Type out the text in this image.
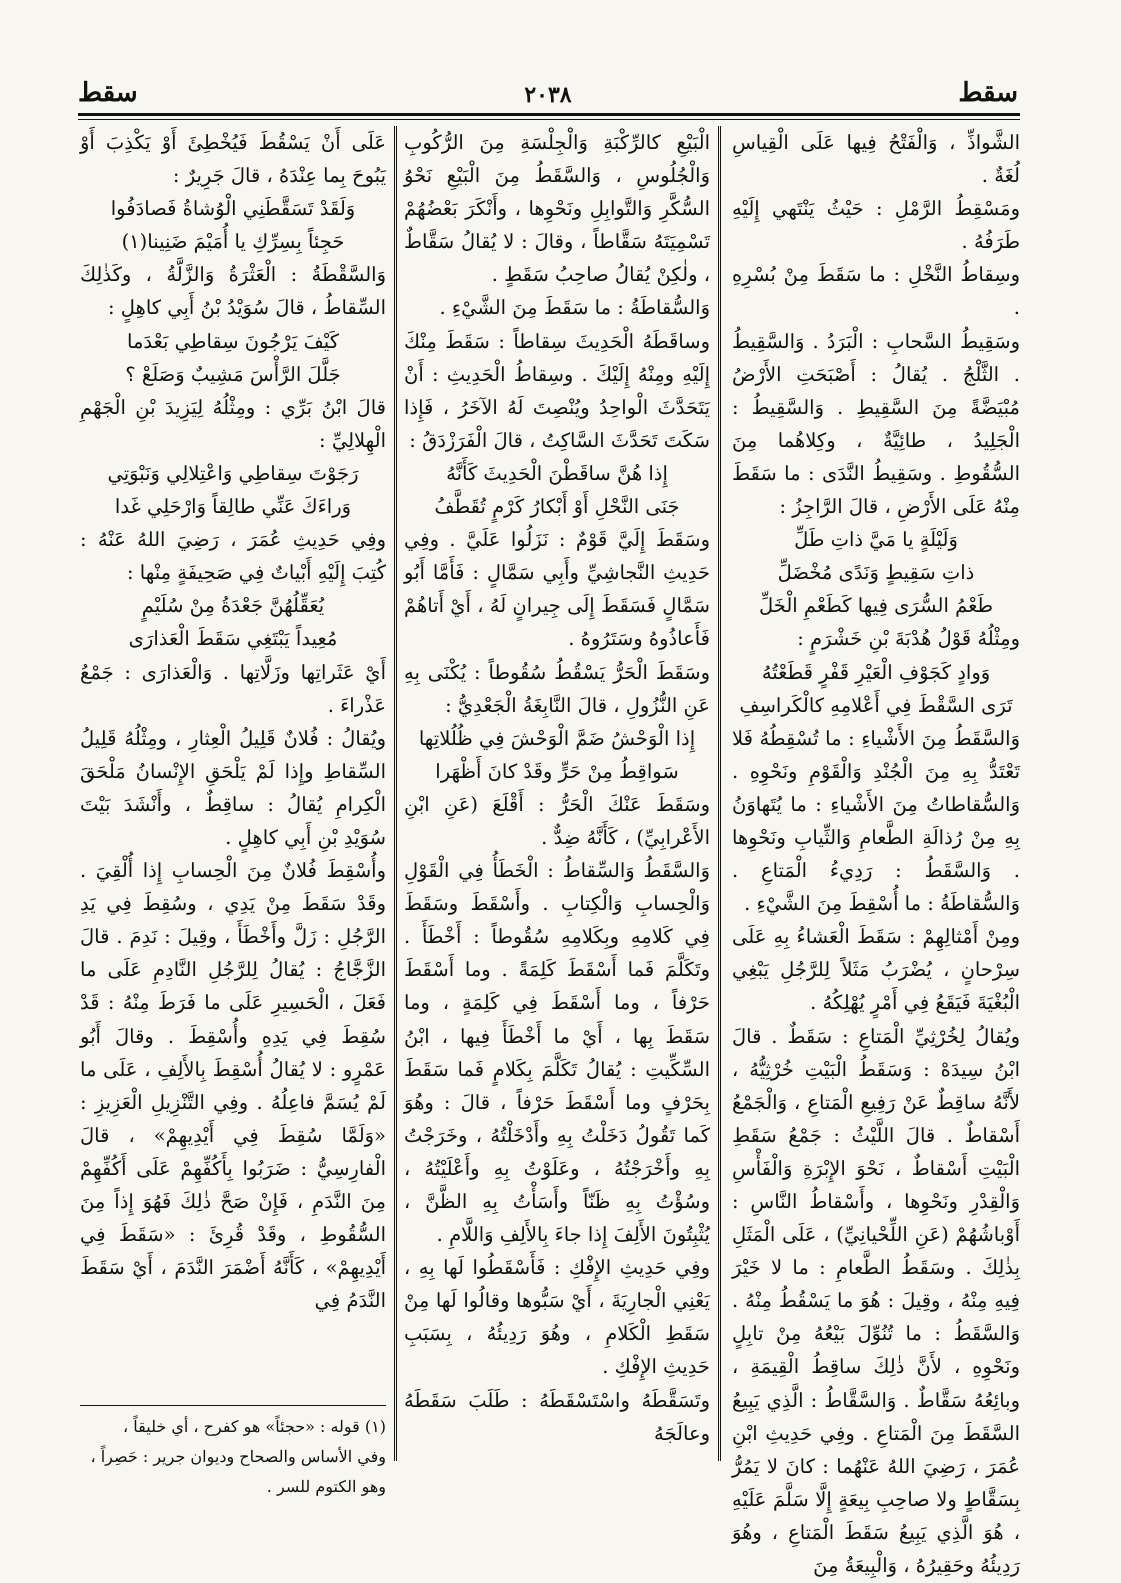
سقط
٢٠٣٨
سقط

الشَّواذِّ ، وَالْفَتْحُ فِيها عَلَى الْقِياسِ لُغَةٌ .

ومَسْقِطُ الرَّمْلِ : حَيْثُ يَنْتَهي إِلَيْهِ طَرَفُهُ .

وسِقاطُ النَّخْلِ : ما سَقَطَ مِنْ بُسْرِهِ .

وسَقِيطُ السَّحابِ : الْبَرَدُ . وَالسَّقِيطُ . الثَّلْجُ . يُقالُ : أَصْبَحَتِ الأَرْضُ مُبْيَضَّةً مِنَ السَّقِيطِ . وَالسَّقِيطُ : الْجَلِيدُ ، طائِيَّةٌ ، وكِلاهُما مِنَ السُّقُوطِ . وسَقِيطُ النَّدَى : ما سَقَطَ مِنْهُ عَلَى الأَرْضِ ، قالَ الرَّاجِزُ :

وَلَيْلَةٍ يا مَيَّ ذاتِ طَلِّ

ذاتِ سَقِيطٍ وَنَدًى مُخْضَلِّ

طَعْمُ السُّرَى فِيها كَطَعْمِ الْخَلِّ

ومِثْلُهُ قَوْلُ هُدْبَةَ بْنِ خَشْرَمٍ :

وَوادٍ كَجَوْفِ الْعَيْرِ قَفْرٍ قَطَعْتُهُ

تَرَى السَّقْطَ فِي أَعْلامِهِ كالْكَراسِفِ

وَالسَّقَطُ مِنَ الأَشْياءِ : ما تُسْقِطُهُ فَلا تَعْتَدُّ بِهِ مِنَ الْجُنْدِ وَالْقَوْمِ ونَحْوِهِ . وَالسُّقاطاتُ مِنَ الأَشْياءِ : ما يُتَهاوَنُ بِهِ مِنْ رُذالَةِ الطَّعامِ وَالثِّيابِ ونَحْوِها . وَالسَّقَطُ : رَدِيءُ الْمَتاعِ . وَالسُّقاطَةُ : ما أُسْقِطَ مِنَ الشَّيْءِ .

ومِنْ أَمْثالِهِمْ : سَقَطَ الْعَشاءُ بِهِ عَلَى سِرْحانٍ ، يُضْرَبُ مَثَلاً لِلرَّجُلِ يَبْغِي الْبُغْيَةَ فَيَقَعُ فِي أَمْرٍ يُهْلِكُهُ .

ويُقالُ لِخُرْثِيِّ الْمَتاعِ : سَقَطٌ . قالَ ابْنُ سِيدَهْ : وَسَقَطُ الْبَيْتِ خُرْثِيُّهُ ، لأَنَّهُ ساقِطٌ عَنْ رَفِيعِ الْمَتاعِ ، وَالْجَمْعُ أَسْقاطٌ . قالَ اللَّيْثُ : جَمْعُ سَقَطِ الْبَيْتِ أَسْقاطٌ ، نَحْوَ الإِبْرَةِ وَالْفَأْسِ وَالْقِدْرِ ونَحْوِها ، وأَسْقاطُ النَّاسِ : أَوْباشُهُمْ (عَنِ اللِّحْيانِيِّ) ، عَلَى الْمَثَلِ بِذٰلِكَ . وسَقَطُ الطَّعامِ : ما لا خَيْرَ فِيهِ مِنْهُ ، وقِيلَ : هُوَ ما يَسْقُطُ مِنْهُ . وَالسَّقَطُ : ما تُنُوِّلَ بَيْعُهُ مِنْ تابِلٍ ونَحْوِهِ ، لأَنَّ ذٰلِكَ ساقِطُ الْقِيمَةِ ، وبائِعُهُ سَقَّاطٌ . وَالسَّقَّاطُ : الَّذِي يَبِيعُ السَّقَطَ مِنَ الْمَتاعِ . وفِي حَدِيثِ ابْنِ عُمَرَ ، رَضِيَ اللهُ عَنْهُما : كانَ لا يَمُرُّ بِسَقَّاطٍ ولا صاحِبِ بِيعَةٍ إِلَّا سَلَّمَ عَلَيْهِ ، هُوَ الَّذِي يَبِيعُ سَقَطَ الْمَتاعِ ، وهُوَ رَدِيئُهُ وحَقِيرُهُ ، وَالْبِيعَةُ مِنَ

الْبَيْعِ كالرِّكْبَةِ وَالْجِلْسَةِ مِنَ الرُّكُوبِ وَالْجُلُوسِ ، وَالسَّقَطُ مِنَ الْبَيْعِ نَحْوُ السُّكَّرِ وَالتَّوابِلِ ونَحْوِها ، وأَنْكَرَ بَعْضُهُمْ تَسْمِيَتَهُ سَقَّاطاً ، وقالَ : لا يُقالُ سَقَّاطٌ ، ولٰكِنْ يُقالُ صاحِبُ سَقَطٍ .

وَالسُّقاطَةُ : ما سَقَطَ مِنَ الشَّيْءِ .

وساقَطَهُ الْحَدِيثَ سِقاطاً : سَقَطَ مِنْكَ إِلَيْهِ ومِنْهُ إِلَيْكَ . وسِقاطُ الْحَدِيثِ : أَنْ يَتَحَدَّثَ الْواحِدُ ويُنْصِتَ لَهُ الآخَرُ ، فَإِذا سَكَتَ تَحَدَّثَ السَّاكِتُ ، قالَ الْفَرَزْدَقُ :

إِذا هُنَّ ساقَطْنَ الْحَدِيثَ كَأَنَّهُ

جَنَى النَّحْلِ أَوْ أَبْكارُ كَرْمٍ تُقَطَّفُ

وسَقَطَ إِلَيَّ قَوْمٌ : نَزَلُوا عَلَيَّ . وفِي حَدِيثِ النَّجاشِيِّ وأَبِي سَمَّالٍ : فَأَمَّا أَبُو سَمَّالٍ فَسَقَطَ إِلَى جِيرانٍ لَهُ ، أَيْ أَتاهُمْ فَأَعاذُوهُ وسَتَرُوهُ .

وسَقَطَ الْحَرُّ يَسْقُطُ سُقُوطاً : يُكْنَى بِهِ عَنِ النُّزُولِ ، قالَ النَّابِغَةُ الْجَعْدِيُّ :

إِذا الْوَحْشُ ضَمَّ الْوَحْشَ فِي ظُلُلاتِها

سَواقِطُ مِنْ حَرٍّ وقَدْ كانَ أَظْهَرا

وسَقَطَ عَنْكَ الْحَرُّ : أَقْلَعَ (عَنِ ابْنِ الأَعْرابِيِّ) ، كَأَنَّهُ ضِدٌّ .

وَالسَّقَطُ وَالسِّقاطُ : الْخَطَأُ فِي الْقَوْلِ وَالْحِسابِ وَالْكِتابِ . وأَسْقَطَ وسَقَطَ فِي كَلامِهِ وبِكَلامِهِ سُقُوطاً : أَخْطَأَ . وتَكَلَّمَ فَما أَسْقَطَ كَلِمَةً . وما أَسْقَطَ حَرْفاً ، وما أَسْقَطَ فِي كَلِمَةٍ ، وما سَقَطَ بِها ، أَيْ ما أَخْطَأَ فِيها ، ابْنُ السِّكِّيتِ : يُقالُ تَكَلَّمَ بِكَلامٍ فَما سَقَطَ بِحَرْفٍ وما أَسْقَطَ حَرْفاً ، قالَ : وهُوَ كَما تَقُولُ دَخَلْتُ بِهِ وأَدْخَلْتُهُ ، وخَرَجْتُ بِهِ وأَخْرَجْتُهُ ، وعَلَوْتُ بِهِ وأَعْلَيْتُهُ ، وسُؤْتُ بِهِ ظَنّاً وأَسَأْتُ بِهِ الظَّنَّ ، يُثْبِتُونَ الأَلِفَ إِذا جاءَ بِالأَلِفِ وَاللَّامِ .

وفِي حَدِيثِ الإِفْكِ : فَأَسْقَطُوا لَها بِهِ ، يَعْنِي الْجارِيَةَ ، أَيْ سَبُّوها وقالُوا لَها مِنْ سَقَطِ الْكَلامِ ، وهُوَ رَدِيئُهُ ، بِسَبَبِ حَدِيثِ الإِفْكِ .

وتَسَقَّطَهُ واسْتَسْقَطَهُ : طَلَبَ سَقَطَهُ وعالَجَهُ

عَلَى أَنْ يَسْقُطَ فَيُخْطِئَ أَوْ يَكْذِبَ أَوْ يَبُوحَ بِما عِنْدَهُ ، قالَ جَرِيرٌ :

وَلَقَدْ تَسَقَّطَنِي الْوُشاةُ فَصادَفُوا

حَجِئاً بِسِرِّكِ يا أُمَيْمَ ضَنِينا(١)

وَالسَّقْطَةُ : الْعَثْرَةُ وَالزَّلَّةُ ، وكَذٰلِكَ السِّقاطُ ، قالَ سُوَيْدُ بْنُ أَبِي كاهِلٍ :

كَيْفَ يَرْجُونَ سِقاطِي بَعْدَما

جَلَّلَ الرَّأْسَ مَشِيبٌ وَصَلَعْ ؟

قالَ ابْنُ بَرِّي : ومِثْلُهُ لِيَزِيدَ بْنِ الْجَهْمِ الْهِلالِيِّ :

رَجَوْتَ سِقاطِي وَاعْتِلالِي وَنَبْوَتِي

وَراءَكَ عَنِّي طالِقاً وَارْحَلِي غَدا

وفِي حَدِيثِ عُمَرَ ، رَضِيَ اللهُ عَنْهُ : كُتِبَ إِلَيْهِ أَبْياتٌ فِي صَحِيفَةٍ مِنْها :

يُعَقِّلُهُنَّ جَعْدَةُ مِنْ سُلَيْمٍ

مُعِيداً يَبْتَغِي سَقَطَ الْعَذارَى

أَيْ عَثَراتِها وزَلَّاتِها . وَالْعَذارَى : جَمْعُ عَذْراءَ .

ويُقالُ : فُلانٌ قَلِيلُ الْعِثارِ ، ومِثْلُهُ قَلِيلُ السِّقاطِ وإِذا لَمْ يَلْحَقِ الإِنْسانُ مَلْحَقَ الْكِرامِ يُقالُ : ساقِطٌ ، وأَنْشَدَ بَيْتَ سُوَيْدِ بْنِ أَبِي كاهِلٍ .

وأُسْقِطَ فُلانٌ مِنَ الْحِسابِ إِذا أُلْقِيَ . وقَدْ سَقَطَ مِنْ يَدِي ، وسُقِطَ فِي يَدِ الرَّجُلِ : زَلَّ وأَخْطَأَ ، وقِيلَ : نَدِمَ . قالَ الزَّجَّاجُ : يُقالُ لِلرَّجُلِ النَّادِمِ عَلَى ما فَعَلَ ، الْحَسِيرِ عَلَى ما فَرَطَ مِنْهُ : قَدْ سُقِطَ فِي يَدِهِ وأُسْقِطَ . وقالَ أَبُو عَمْرٍو : لا يُقالُ أُسْقِطَ بِالأَلِفِ ، عَلَى ما لَمْ يُسَمَّ فاعِلُهُ . وفِي التَّنْزِيلِ الْعَزِيزِ : «وَلَمَّا سُقِطَ فِي أَيْدِيهِمْ» ، قالَ الْفارِسِيُّ : ضَرَبُوا بِأَكُفِّهِمْ عَلَى أَكُفِّهِمْ مِنَ النَّدَمِ ، فَإِنْ صَحَّ ذٰلِكَ فَهُوَ إِذاً مِنَ السُّقُوطِ ، وقَدْ قُرِئَ : «سَقَطَ فِي أَيْدِيهِمْ» ، كَأَنَّهُ أَضْمَرَ النَّدَمَ ، أَيْ سَقَطَ النَّدَمُ فِي

(١) قوله : «حجئاً» هو كفرح ، أي خليقاً ،
وفي الأساس والصحاح وديوان جرير : حَصِراً ،
وهو الكتوم للسر .
